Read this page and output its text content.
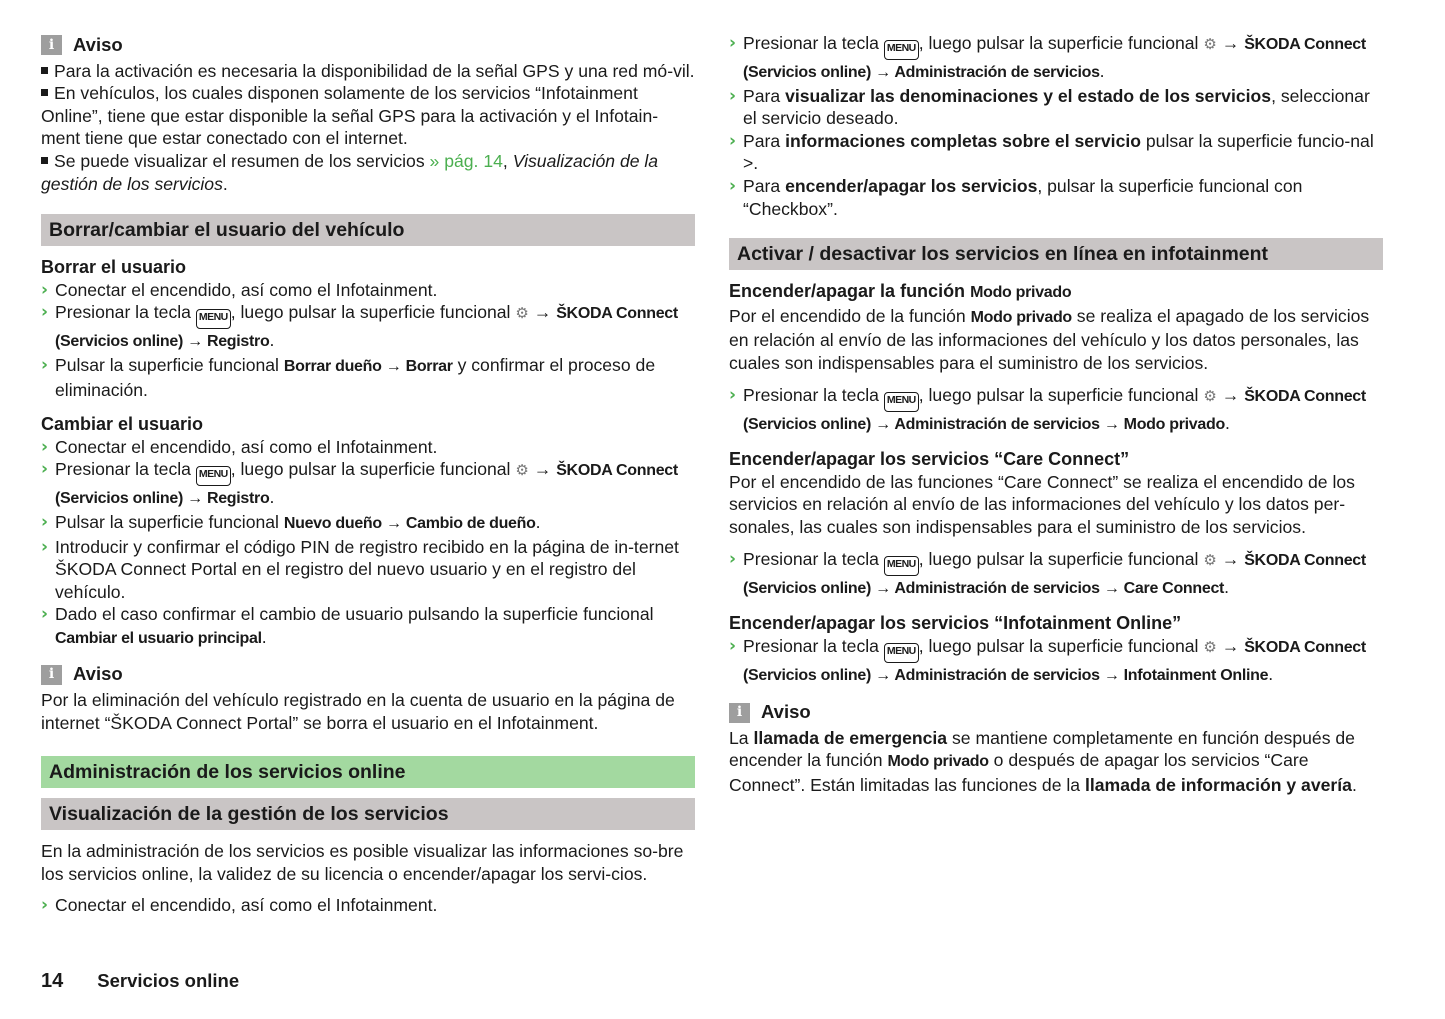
i	Aviso

Para la activación es necesaria la disponibilidad de la señal GPS y una red mó-vil.

En vehículos, los cuales disponen solamente de los servicios “Infotainment Online”, tiene que estar disponible la señal GPS para la activación y el Infotain-ment tiene que estar conectado con el internet.

Se puede visualizar el resumen de los servicios » pág. 14, Visualización de la gestión de los servicios.

Borrar/cambiar el usuario del vehículo

Borrar el usuario

› Conectar el encendido, así como el Infotainment.

› Presionar la tecla MENU , luego pulsar la superficie funcional ⚙ → ŠKODA Connect (Servicios online) → Registro.

› Pulsar la superficie funcional Borrar dueño → Borrar y confirmar el proceso de eliminación.

Cambiar el usuario

› Conectar el encendido, así como el Infotainment.

› Presionar la tecla MENU , luego pulsar la superficie funcional ⚙ → ŠKODA Connect (Servicios online) → Registro.

› Pulsar la superficie funcional Nuevo dueño → Cambio de dueño.

› Introducir y confirmar el código PIN de registro recibido en la página de in-ternet ŠKODA Connect Portal en el registro del nuevo usuario y en el registro del vehículo.

› Dado el caso confirmar el cambio de usuario pulsando la superficie funcional Cambiar el usuario principal.

i	Aviso

Por la eliminación del vehículo registrado en la cuenta de usuario en la página de internet “ŠKODA Connect Portal” se borra el usuario en el Infotainment.

Administración de los servicios online
Visualización de la gestión de los servicios

En la administración de los servicios es posible visualizar las informaciones so-bre los servicios online, la validez de su licencia o encender/apagar los servi-cios.

› Conectar el encendido, así como el Infotainment.

› Presionar la tecla MENU , luego pulsar la superficie funcional ⚙ → ŠKODA Connect (Servicios online) → Administración de servicios.

› Para visualizar las denominaciones y el estado de los servicios, seleccionar el servicio deseado.

› Para informaciones completas sobre el servicio pulsar la superficie funcio-nal >.

› Para encender/apagar los servicios, pulsar la superficie funcional con “Checkbox”.

Activar / desactivar los servicios en línea en infotainment

Encender/apagar la función Modo privado

Por el encendido de la función Modo privado se realiza el apagado de los servicios en relación al envío de las informaciones del vehículo y los datos personales, las cuales son indispensables para el suministro de los servicios.

› Presionar la tecla MENU , luego pulsar la superficie funcional ⚙ → ŠKODA Connect (Servicios online) → Administración de servicios → Modo privado.

Encender/apagar los servicios “Care Connect”

Por el encendido de las funciones “Care Connect” se realiza el encendido de los servicios en relación al envío de las informaciones del vehículo y los datos per-sonales, las cuales son indispensables para el suministro de los servicios.

› Presionar la tecla MENU , luego pulsar la superficie funcional ⚙ → ŠKODA Connect (Servicios online) → Administración de servicios → Care Connect.

Encender/apagar los servicios “Infotainment Online”

› Presionar la tecla MENU , luego pulsar la superficie funcional ⚙ → ŠKODA Connect (Servicios online) → Administración de servicios → Infotainment Online.

i	Aviso

La llamada de emergencia se mantiene completamente en función después de encender la función Modo privado o después de apagar los servicios “Care Connect”. Están limitadas las funciones de la llamada de información y avería.

14 Servicios online
